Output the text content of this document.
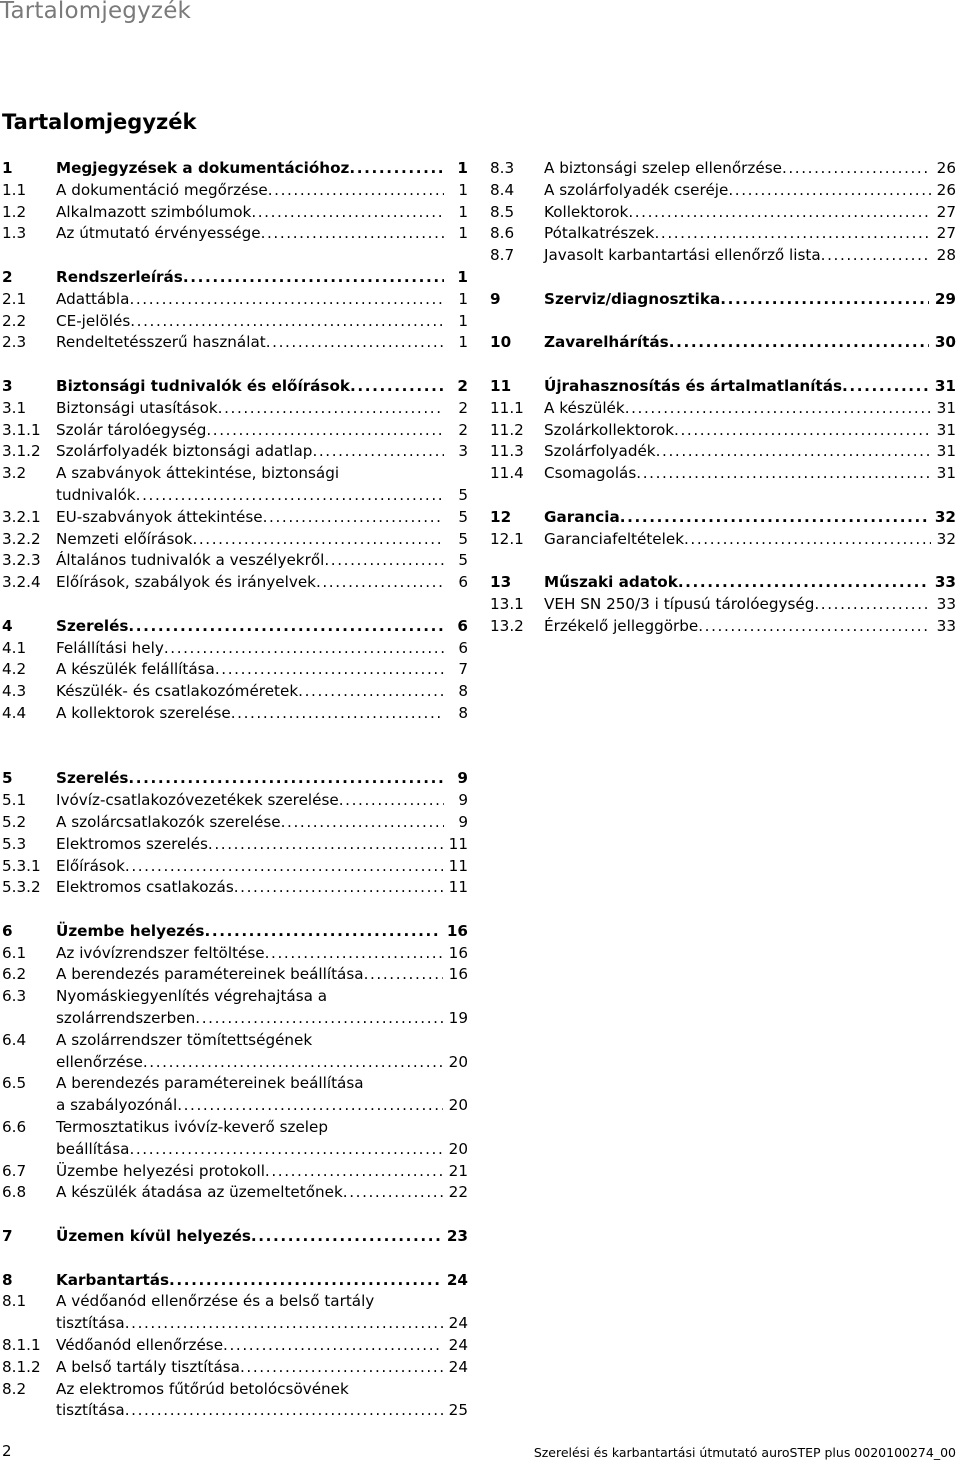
Tartalomjegyzék
Tartalomjegyzék
1	Megjegyzések a dokumentációhoz .....	1
1.1 A dokumentáció megőrzése .....	1
1.2 Alkalmazott szimbólumok .....	1
1.3 Az útmutató érvényessége .....	1
2	Rendszerleírás .....	1
2.1 Adattábla .....	1
2.2 CE-jelölés .....	1
2.3 Rendeltetésszerű használat .....	1
3	Biztonsági tudnivalók és előírások .....	2
3.1 Biztonsági utasítások .....	2
3.1.1 Szolár tárolóegység .....	2
3.1.2 Szolárfolyadék biztonsági adatlap .....	3
3.2	A szabványok áttekintése, biztonsági
tudnivalók .....	5
3.2.1 EU-szabványok áttekintése .....	5
3.2.2 Nemzeti előírások .....	5
3.2.3 Általános tudnivalók a veszélyekről .....	5
3.2.4 Előírások, szabályok és irányelvek .....	6
4	Szerelés .....	6
4.1 Felállítási hely .....	6
4.2 A készülék felállítása .....	7
4.3 Készülék- és csatlakozóméretek .....	8
4.4 A kollektorok szerelése .....	8
5	Szerelés .....	9
5.1 Ivóvíz-csatlakozóvezetékek szerelése .....	9
5.2 A szolárcsatlakozók szerelése .....	9
5.3 Elektromos szerelés .....	11
5.3.1 Előírások .....	11
5.3.2 Elektromos csatlakozás .....	11
6	Üzembe helyezés .....	16
6.1 Az ivóvízrendszer feltöltése .....	16
6.2 A berendezés paramétereinek beállítása .....	16
6.3	Nyomáskiegyenlítés végrehajtása a
szolárrendszerben .....	19
6.4	A szolárrendszer tömítettségének
ellenőrzése .....	20
6.5	A berendezés paramétereinek beállítása
a szabályozónál .....	20
6.6	Termosztatikus ivóvíz-keverő szelep
beállítása .....	20
6.7 Üzembe helyezési protokoll .....	21
6.8 A készülék átadása az üzemeltetőnek .....	22
7	Üzemen kívül helyezés .....	23
8	Karbantartás .....	24
8.1	A védőanód ellenőrzése és a belső tartály
tisztítása .....	24
8.1.1 Védőanód ellenőrzése .....	24
8.1.2 A belső tartály tisztítása .....	24
8.2	Az elektromos fűtőrúd betolócsövének
tisztítása .....	25
8.3 A biztonsági szelep ellenőrzése .....	26
8.4 A szolárfolyadék cseréje .....	26
8.5 Kollektorok .....	27
8.6 Pótalkatrészek .....	27
8.7 Javasolt karbantartási ellenőrző lista .....	28
9	Szerviz/diagnosztika .....	29
10 Zavarelhárítás .....	30
11 Újrahasznosítás és ártalmatlanítás .....	31
11.1 A készülék .....	31
11.2 Szolárkollektorok .....	31
11.3 Szolárfolyadék .....	31
11.4 Csomagolás .....	31
12 Garancia .....	32
12.1 Garanciafeltételek .....	32
13 Műszaki adatok .....	33
13.1 VEH SN 250/3 i típusú tárolóegység .....	33
13.2 Érzékelő jelleggörbe .....	33
2	Szerelési és karbantartási útmutató auroSTEP plus 0020100274_00
